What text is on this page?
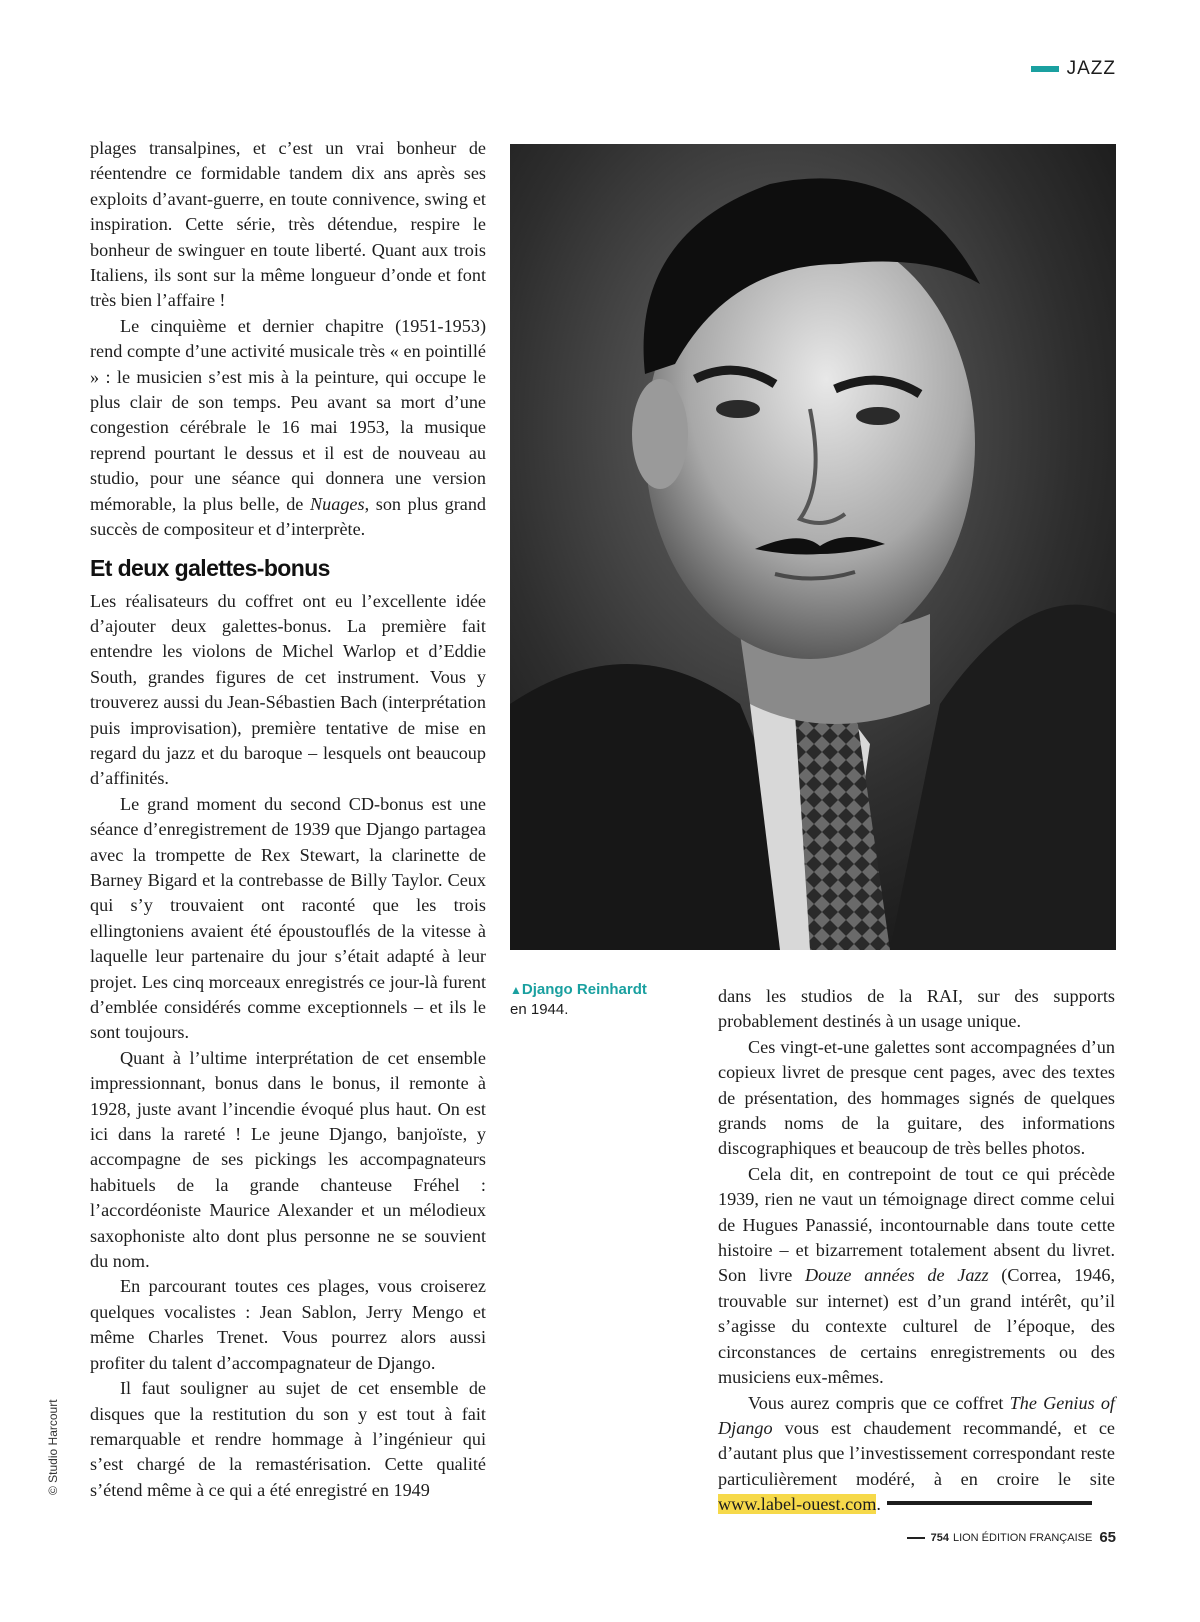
JAZZ

plages transalpines, et c’est un vrai bonheur de réentendre ce formidable tandem dix ans après ses exploits d’avant-guerre, en toute connivence, swing et inspiration. Cette série, très détendue, respire le bonheur de swinguer en toute liberté. Quant aux trois Italiens, ils sont sur la même longueur d’onde et font très bien l’affaire !

Le cinquième et dernier chapitre (1951-1953) rend compte d’une activité musicale très « en pointillé » : le musicien s’est mis à la peinture, qui occupe le plus clair de son temps. Peu avant sa mort d’une congestion cérébrale le 16 mai 1953, la musique reprend pourtant le dessus et il est de nouveau au studio, pour une séance qui donnera une version mémorable, la plus belle, de Nuages, son plus grand succès de compositeur et d’interprète.

Et deux galettes-bonus

Les réalisateurs du coffret ont eu l’excellente idée d’ajouter deux galettes-bonus. La première fait entendre les violons de Michel Warlop et d’Eddie South, grandes figures de cet instrument. Vous y trouverez aussi du Jean-Sébastien Bach (interprétation puis improvisation), première tentative de mise en regard du jazz et du baroque – lesquels ont beaucoup d’affinités.

Le grand moment du second CD-bonus est une séance d’enregistrement de 1939 que Django partagea avec la trompette de Rex Stewart, la clarinette de Barney Bigard et la contrebasse de Billy Taylor. Ceux qui s’y trouvaient ont raconté que les trois ellingtoniens avaient été époustouflés de la vitesse à laquelle leur partenaire du jour s’était adapté à leur projet. Les cinq morceaux enregistrés ce jour-là furent d’emblée considérés comme exceptionnels – et ils le sont toujours.

Quant à l’ultime interprétation de cet ensemble impressionnant, bonus dans le bonus, il remonte à 1928, juste avant l’incendie évoqué plus haut. On est ici dans la rareté ! Le jeune Django, banjoïste, y accompagne de ses pickings les accompagnateurs habituels de la grande chanteuse Fréhel : l’accordéoniste Maurice Alexander et un mélodieux saxophoniste alto dont plus personne ne se souvient du nom.

En parcourant toutes ces plages, vous croiserez quelques vocalistes : Jean Sablon, Jerry Mengo et même Charles Trenet. Vous pourrez alors aussi profiter du talent d’accompagnateur de Django.

Il faut souligner au sujet de cet ensemble de disques que la restitution du son y est tout à fait remarquable et rendre hommage à l’ingénieur qui s’est chargé de la remastérisation. Cette qualité s’étend même à ce qui a été enregistré en 1949

▲Django Reinhardt
en 1944.

dans les studios de la RAI, sur des supports probablement destinés à un usage unique.

Ces vingt-et-une galettes sont accompagnées d’un copieux livret de presque cent pages, avec des textes de présentation, des hommages signés de quelques grands noms de la guitare, des informations discographiques et beaucoup de très belles photos.

Cela dit, en contrepoint de tout ce qui précède 1939, rien ne vaut un témoignage direct comme celui de Hugues Panassié, incontournable dans toute cette histoire – et bizarrement totalement absent du livret. Son livre Douze années de Jazz (Correa, 1946, trouvable sur internet) est d’un grand intérêt, qu’il s’agisse du contexte culturel de l’époque, des circonstances de certains enregistrements ou des musiciens eux-mêmes.

Vous aurez compris que ce coffret The Genius of Django vous est chaudement recommandé, et ce d’autant plus que l’investissement correspondant reste particulièrement modéré, à en croire le site www.label-ouest.com.

© Studio Harcourt
754 LION ÉDITION FRANÇAISE 65
